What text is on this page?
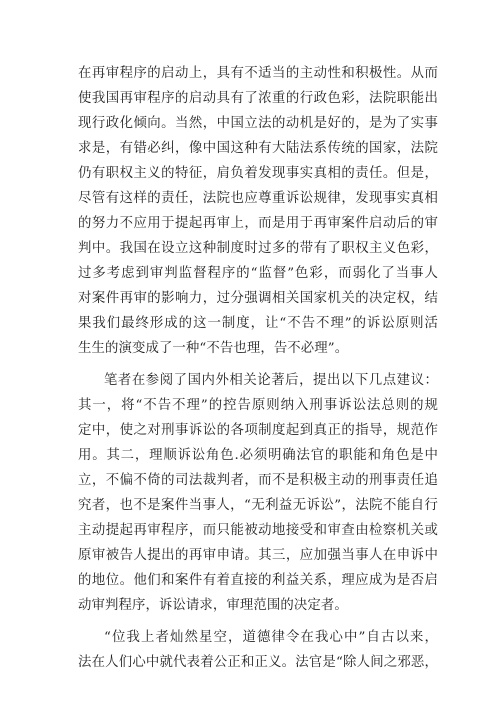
在再审程序的启动上，具有不适当的主动性和积极性。从而
使我国再审程序的启动具有了浓重的行政色彩，法院职能出
现行政化倾向。当然，中国立法的动机是好的，是为了实事
求是，有错必纠，像中国这种有大陆法系传统的国家，法院
仍有职权主义的特征，肩负着发现事实真相的责任。但是，
尽管有这样的责任，法院也应尊重诉讼规律，发现事实真相
的努力不应用于提起再审上，而是用于再审案件启动后的审
判中。我国在设立这种制度时过多的带有了职权主义色彩，
过多考虑到审判监督程序的“监督”色彩，而弱化了当事人
对案件再审的影响力，过分强调相关国家机关的决定权，结
果我们最终形成的这一制度，让“不告不理”的诉讼原则活
生生的演变成了一种“不告也理，告不必理”。
笔者在参阅了国内外相关论著后，提出以下几点建议：
其一，将“不告不理”的控告原则纳入刑事诉讼法总则的规
定中，使之对刑事诉讼的各项制度起到真正的指导，规范作
用。其二，理顺诉讼角色.必须明确法官的职能和角色是中
立，不偏不倚的司法裁判者，而不是积极主动的刑事责任追
究者，也不是案件当事人，“无利益无诉讼”，法院不能自行
主动提起再审程序，而只能被动地接受和审查由检察机关或
原审被告人提出的再审申请。其三，应加强当事人在申诉中
的地位。他们和案件有着直接的利益关系，理应成为是否启
动审判程序，诉讼请求，审理范围的决定者。
“位我上者灿然星空，道德律令在我心中”自古以来，
法在人们心中就代表着公正和正义。法官是“除人间之邪恶，
